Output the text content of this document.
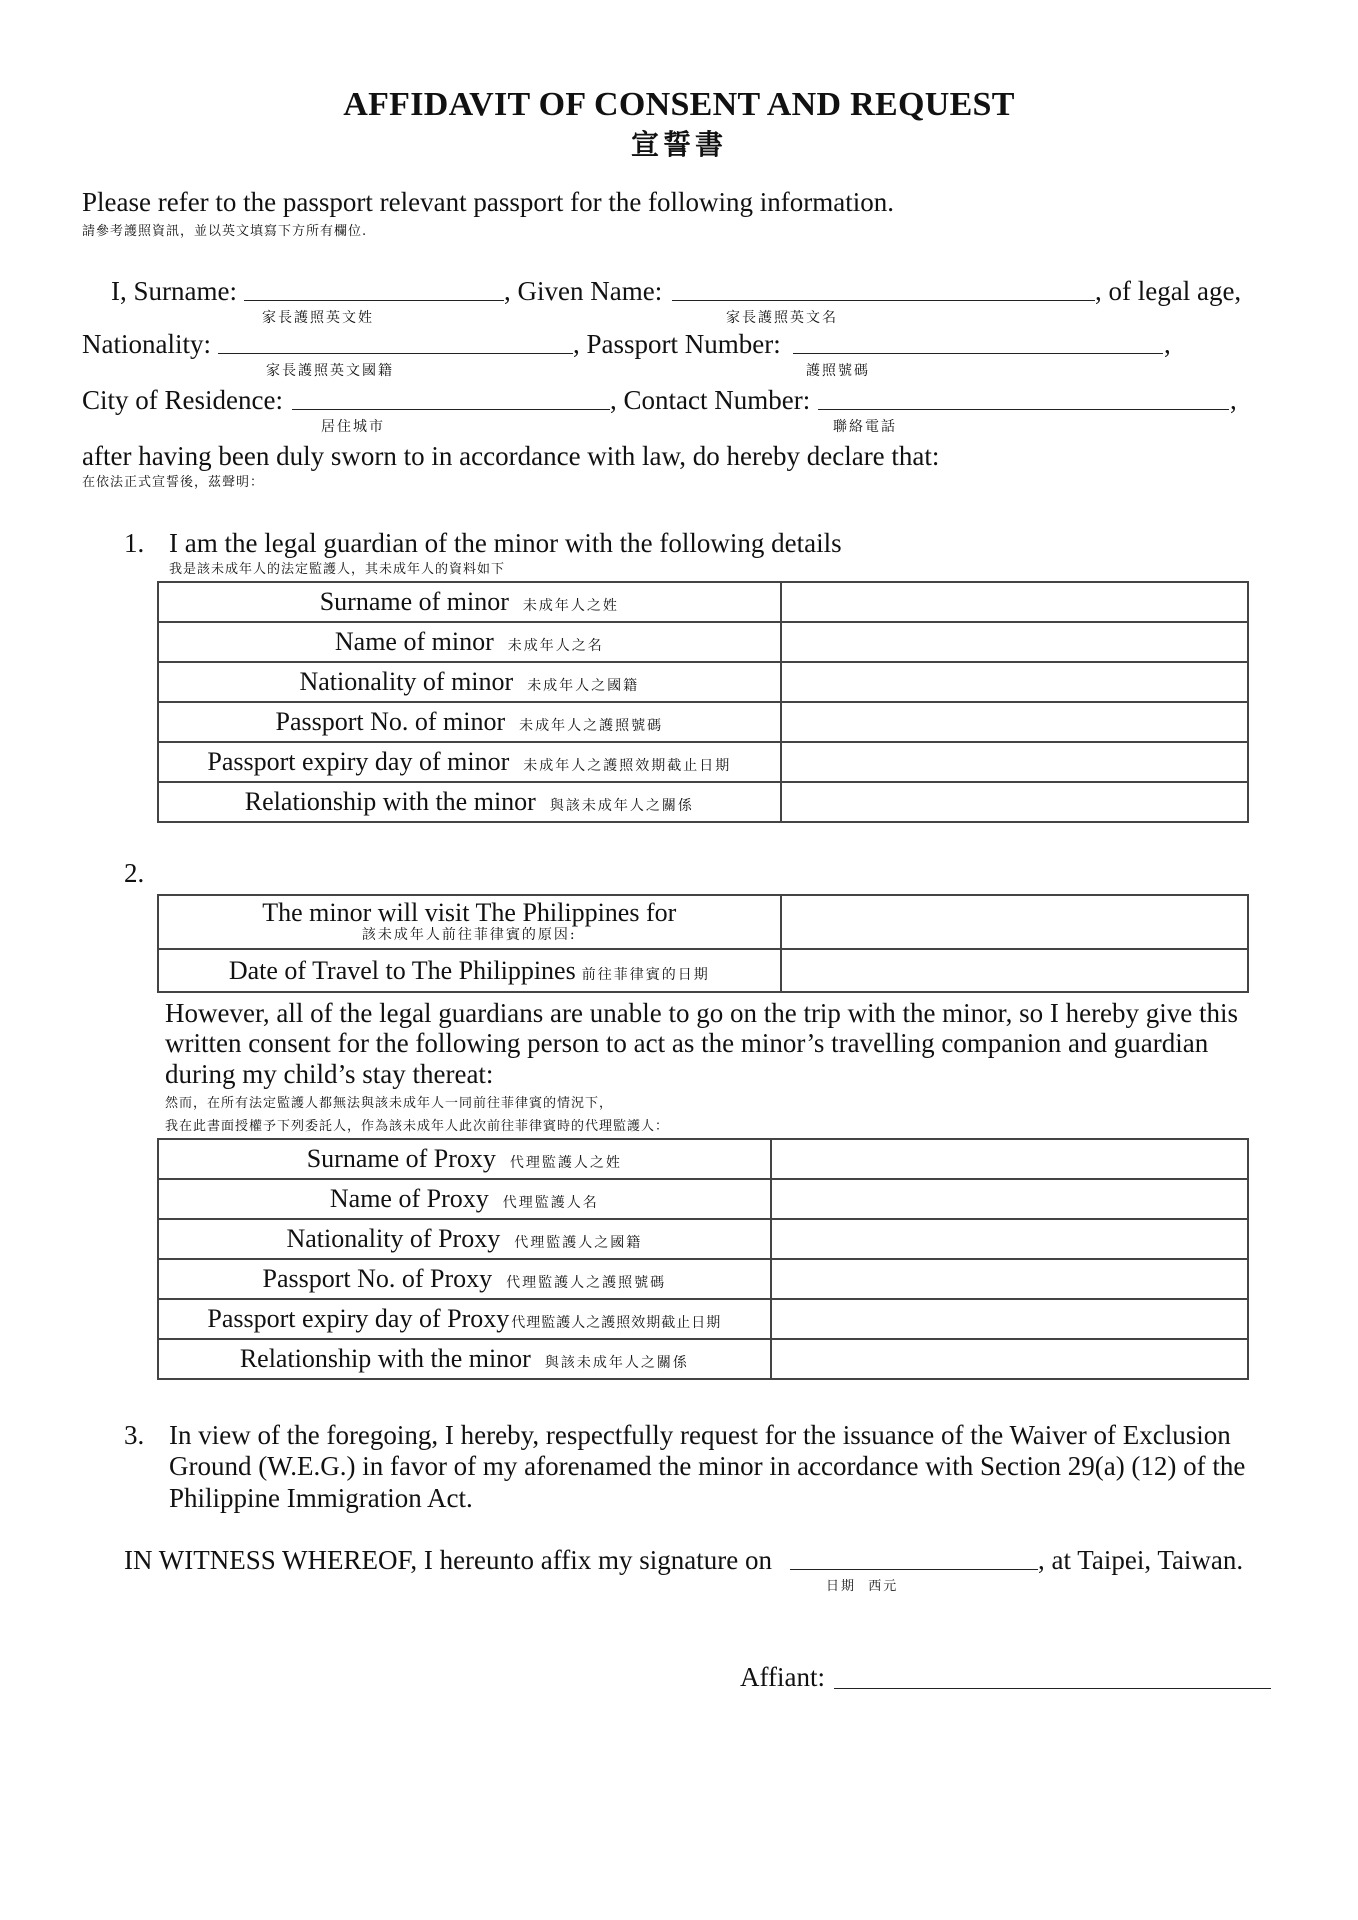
AFFIDAVIT OF CONSENT AND REQUEST
宣誓書
Please refer to the passport relevant passport for the following information.
請參考護照資訊，並以英文填寫下方所有欄位.
I, Surname:
家長護照英文姓
, Given Name:
家長護照英文名
, of legal age,
Nationality:
家長護照英文國籍
, Passport Number:
護照號碼
,
City of Residence:
居住城市
, Contact Number:
聯絡電話
,
after having been duly sworn to in accordance with law, do hereby declare that:
在依法正式宣誓後，茲聲明：
1. I am the legal guardian of the minor with the following details
我是該未成年人的法定監護人，其未成年人的資料如下
Surname of minor 未成年人之姓	
Name of minor 未成年人之名	
Nationality of minor 未成年人之國籍	
Passport No. of minor 未成年人之護照號碼	
Passport expiry day of minor 未成年人之護照效期截止日期	
Relationship with the minor 與該未成年人之關係	
2.
The minor will visit The Philippines for
該未成年人前往菲律賓的原因:	

Date of Travel to The Philippines 前往菲律賓的日期	
However, all of the legal guardians are unable to go on the trip with the minor, so I hereby give this
written consent for the following person to act as the minor’s travelling companion and guardian
during my child’s stay thereat:
然而，在所有法定監護人都無法與該未成年人一同前往菲律賓的情況下，
我在此書面授權予下列委託人，作為該未成年人此次前往菲律賓時的代理監護人：
Surname of Proxy 代理監護人之姓	
Name of Proxy 代理監護人名	
Nationality of Proxy 代理監護人之國籍	
Passport No. of Proxy 代理監護人之護照號碼	
Passport expiry day of Proxy 代理監護人之護照效期截止日期	
Relationship with the minor 與該未成年人之關係	
3. In view of the foregoing, I hereby, respectfully request for the issuance of the Waiver of Exclusion
Ground (W.E.G.) in favor of my aforenamed the minor in accordance with Section 29(a) (12) of the
Philippine Immigration Act.
IN WITNESS WHEREOF, I hereunto affix my signature on
日期  西元
, at Taipei, Taiwan.
Affiant:
